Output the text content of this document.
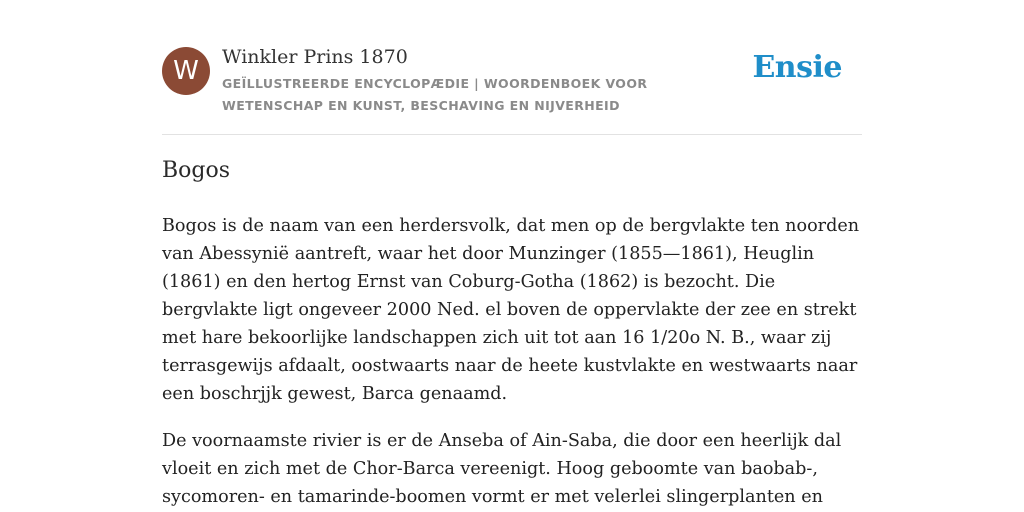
W	Winkler Prins 1870
GEÏLLUSTREERDE ENCYCLOPÆDIE | WOORDENBOEK VOOR WETENSCHAP EN KUNST, BESCHAVING EN NIJVERHEID
Ensie
Bogos

Bogos is de naam van een herdersvolk, dat men op de bergvlakte ten noorden van Abessynië aantreft, waar het door Munzinger (1855—1861), Heuglin (1861) en den hertog Ernst van Coburg-Gotha (1862) is bezocht. Die bergvlakte ligt ongeveer 2000 Ned. el boven de oppervlakte der zee en strekt met hare bekoorlijke landschappen zich uit tot aan 16 1/20o N. B., waar zij terrasgewijs afdaalt, oostwaarts naar de heete kustvlakte en westwaarts naar een boschrjjk gewest, Barca genaamd.

De voornaamste rivier is er de Anseba of Ain-Saba, die door een heerlijk dal vloeit en zich met de Chor-Barca vereenigt. Hoog geboomte van baobab-, sycomoren- en tamarinde-boomen vormt er met velerlei slingerplanten en
